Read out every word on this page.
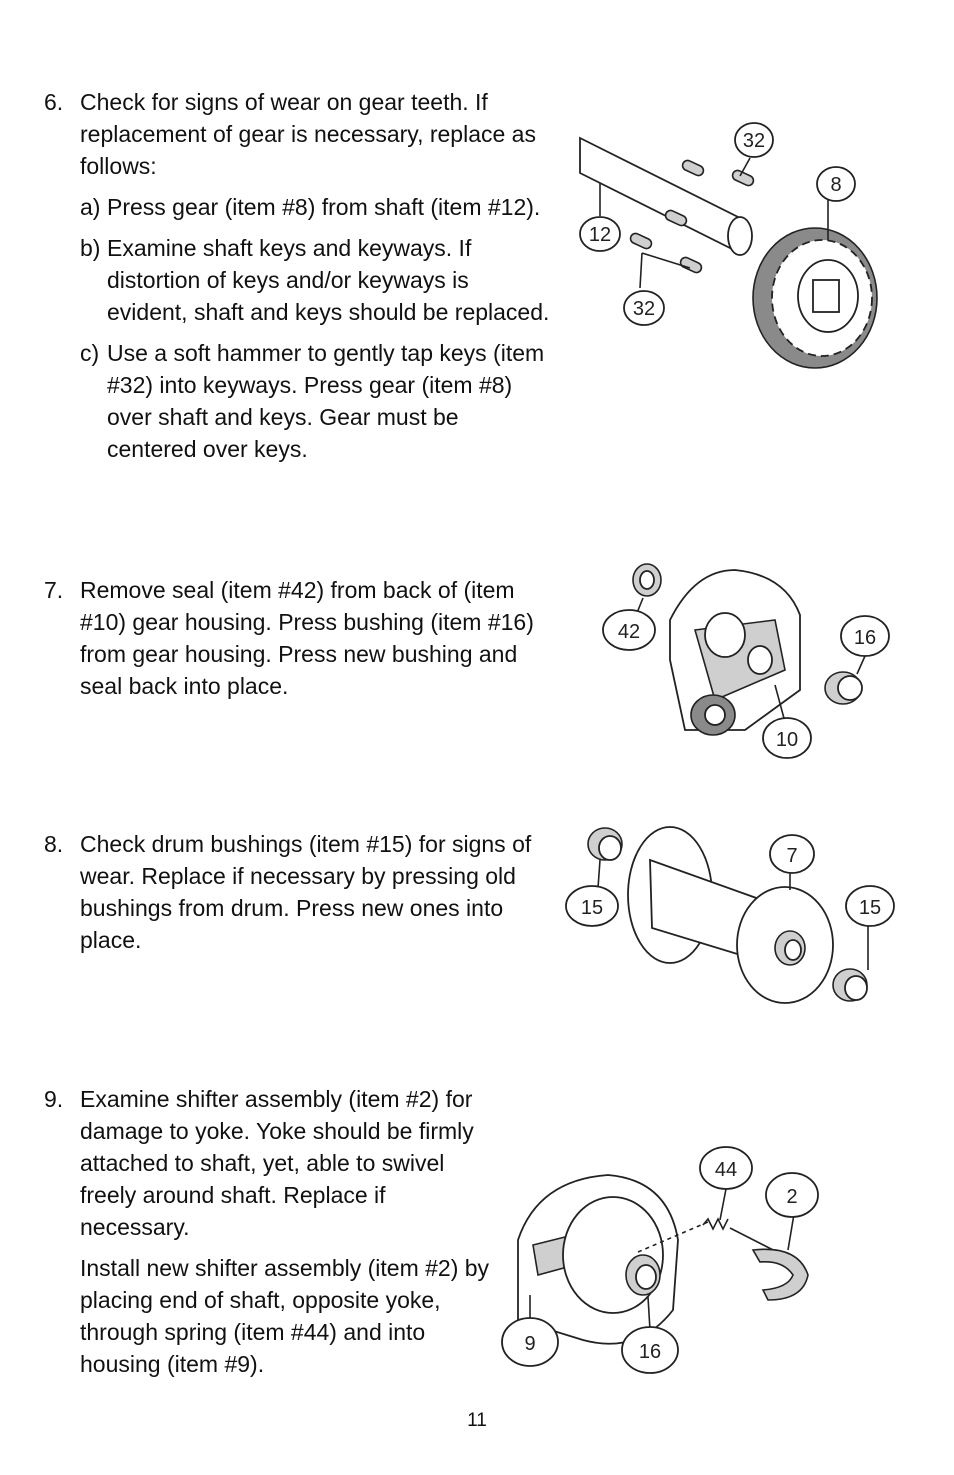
6. Check for signs of wear on gear teeth. If replacement of gear is necessary, replace as follows:

a) Press gear (item #8) from shaft (item #12).

b) Examine shaft keys and keyways. If distortion of keys and/or keyways is evident, shaft and keys should be replaced.

c) Use a soft hammer to gently tap keys (item #32) into keyways. Press gear (item #8) over shaft and keys. Gear must be centered over keys.

32
8
12
32
7. Remove seal (item #42) from back of (item #10) gear housing. Press bushing (item #16) from gear housing. Press new bushing and seal back into place.

42	16
10
8. Check drum bushings (item #15) for signs of wear. Replace if necessary by pressing old bushings from drum. Press new ones into place.

7
15	15
9. Examine shifter assembly (item #2) for damage to yoke. Yoke should be firmly attached to shaft, yet, able to swivel freely around shaft. Replace if necessary.

Install new shifter assembly (item #2) by placing end of shaft, opposite yoke, through spring (item #44) and into housing (item #9).

44
2
9	16
11
